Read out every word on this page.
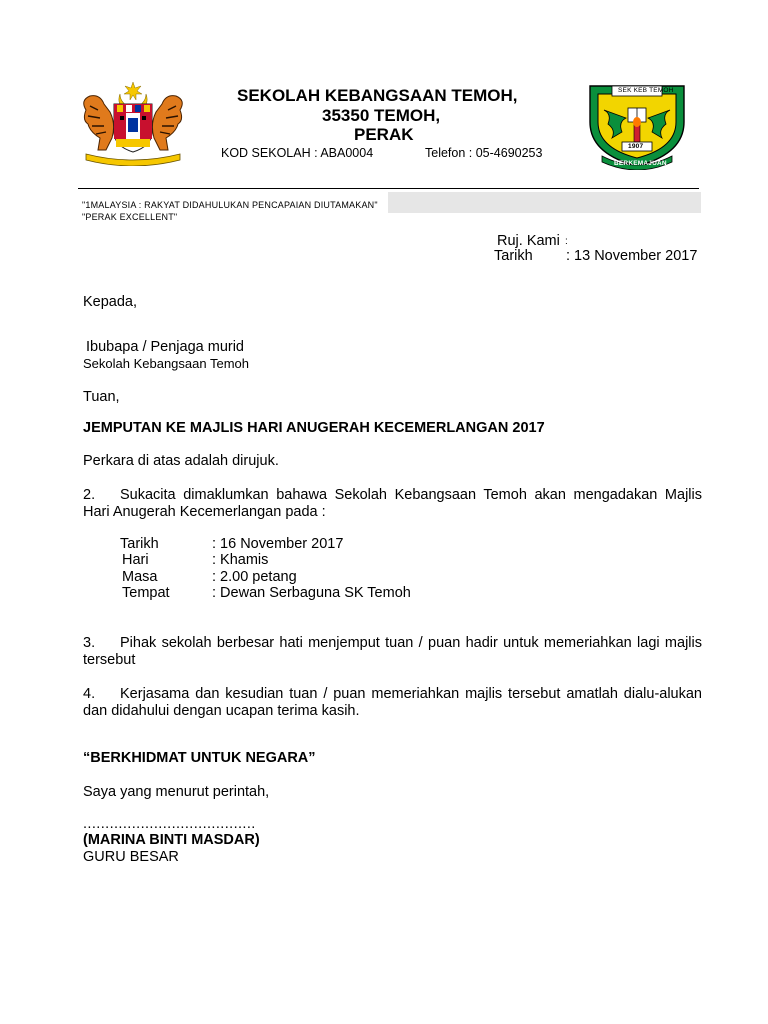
SEKOLAH KEBANGSAAN TEMOH,
35350 TEMOH,
PERAK
KOD SEKOLAH : ABA0004	Telefon : 05-4690253
SEK KEB TEMOH
1907
BERKEMAJUAN
"1MALAYSIA : RAKYAT DIDAHULUKAN PENCAPAIAN DIUTAMAKAN"
"PERAK EXCELLENT"
Ruj. Kami :
Tarikh : 13 November 2017
Kepada,
Ibubapa / Penjaga murid
Sekolah Kebangsaan Temoh
Tuan,
JEMPUTAN KE MAJLIS HARI ANUGERAH KECEMERLANGAN 2017
Perkara di atas adalah dirujuk.
2.	Sukacita dimaklumkan bahawa Sekolah Kebangsaan Temoh akan mengadakan Majlis Hari Anugerah Kecemerlangan pada :
Tarikh	: 16 November 2017
Hari	: Khamis
Masa	: 2.00 petang
Tempat	: Dewan Serbaguna SK Temoh
3.	Pihak sekolah berbesar hati menjemput tuan / puan hadir untuk memeriahkan lagi majlis tersebut
4.	Kerjasama dan kesudian tuan / puan memeriahkan majlis tersebut amatlah dialu-alukan dan didahului dengan ucapan terima kasih.
“BERKHIDMAT UNTUK NEGARA”
Saya yang menurut perintah,
.......................................
(MARINA BINTI MASDAR)
GURU BESAR
